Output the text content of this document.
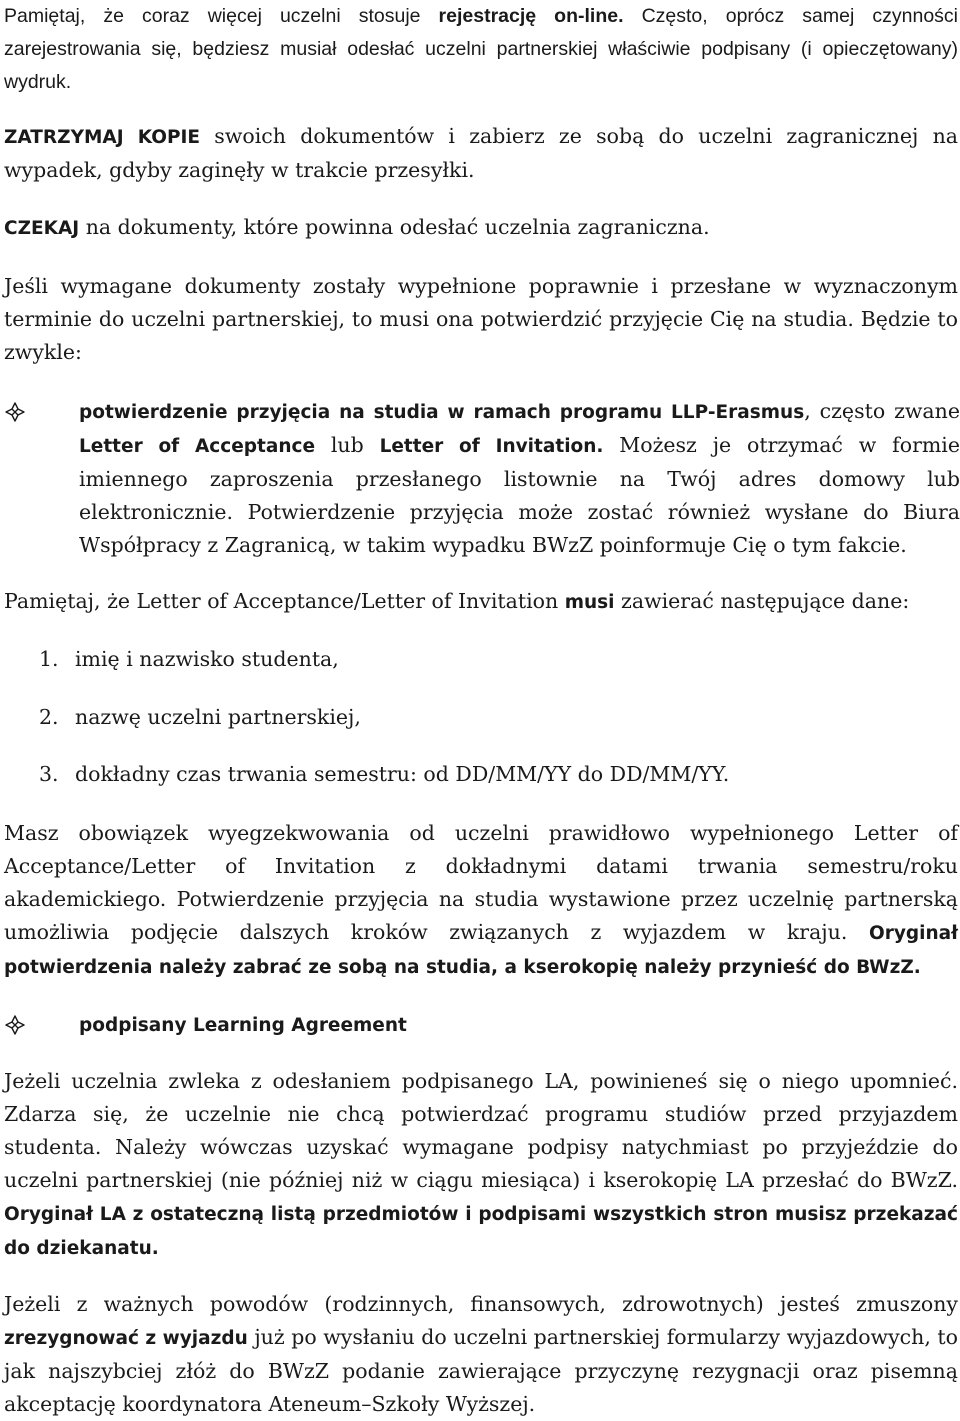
Pamiętaj, że coraz więcej uczelni stosuje rejestrację on-line. Często, oprócz samej czynności zarejestrowania się, będziesz musiał odesłać uczelni partnerskiej właściwie podpisany (i opieczętowany) wydruk.

ZATRZYMAJ KOPIE swoich dokumentów i zabierz ze sobą do uczelni zagranicznej na wypadek, gdyby zaginęły w trakcie przesyłki.

CZEKAJ na dokumenty, które powinna odesłać uczelnia zagraniczna.

Jeśli wymagane dokumenty zostały wypełnione poprawnie i przesłane w wyznaczonym terminie do uczelni partnerskiej, to musi ona potwierdzić przyjęcie Cię na studia. Będzie to zwykle:

potwierdzenie przyjęcia na studia w ramach programu LLP-Erasmus, często zwane Letter of Acceptance lub Letter of Invitation. Możesz je otrzymać w formie imiennego zaproszenia przesłanego listownie na Twój adres domowy lub elektronicznie. Potwierdzenie przyjęcia może zostać również wysłane do Biura Współpracy z Zagranicą, w takim wypadku BWzZ poinformuje Cię o tym fakcie.

Pamiętaj, że Letter of Acceptance/Letter of Invitation musi zawierać następujące dane:

1. imię i nazwisko studenta,
2. nazwę uczelni partnerskiej,
3. dokładny czas trwania semestru: od DD/MM/YY do DD/MM/YY.

Masz obowiązek wyegzekwowania od uczelni prawidłowo wypełnionego Letter of Acceptance/Letter of Invitation z dokładnymi datami trwania semestru/roku akademickiego. Potwierdzenie przyjęcia na studia wystawione przez uczelnię partnerską umożliwia podjęcie dalszych kroków związanych z wyjazdem w kraju. Oryginał potwierdzenia należy zabrać ze sobą na studia, a kserokopię należy przynieść do BWzZ.

podpisany Learning Agreement

Jeżeli uczelnia zwleka z odesłaniem podpisanego LA, powinieneś się o niego upomnieć. Zdarza się, że uczelnie nie chcą potwierdzać programu studiów przed przyjazdem studenta. Należy wówczas uzyskać wymagane podpisy natychmiast po przyjeździe do uczelni partnerskiej (nie później niż w ciągu miesiąca) i kserokopię LA przesłać do BWzZ. Oryginał LA z ostateczną listą przedmiotów i podpisami wszystkich stron musisz przekazać do dziekanatu.

Jeżeli z ważnych powodów (rodzinnych, finansowych, zdrowotnych) jesteś zmuszony zrezygnować z wyjazdu już po wysłaniu do uczelni partnerskiej formularzy wyjazdowych, to jak najszybciej złóż do BWzZ podanie zawierające przyczynę rezygnacji oraz pisemną akceptację koordynatora Ateneum–Szkoły Wyższej.
